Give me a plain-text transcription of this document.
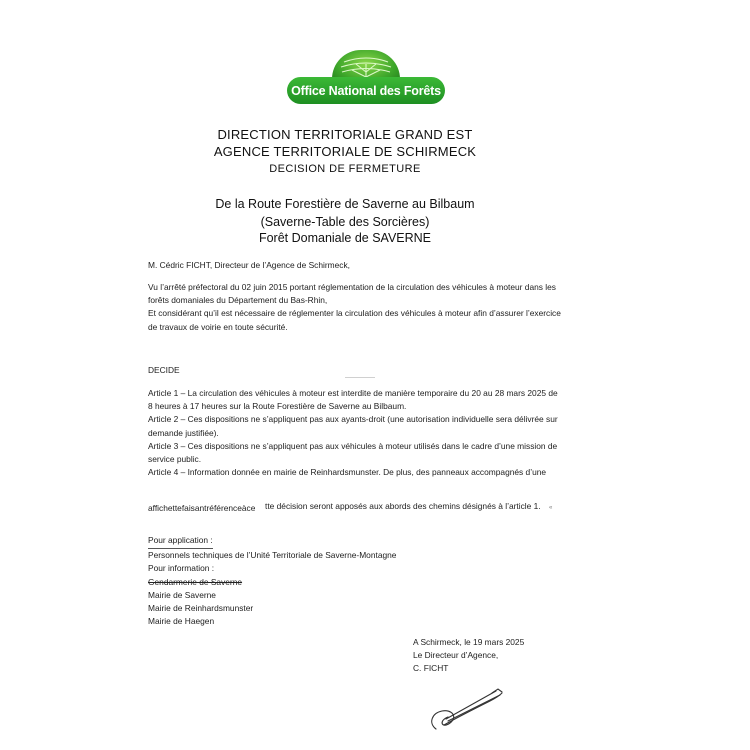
Office National des Forêts
DIRECTION TERRITORIALE GRAND EST
AGENCE TERRITORIALE DE SCHIRMECK
DECISION DE FERMETURE
De la Route Forestière de Saverne au Bilbaum
(Saverne-Table des Sorcières)
Forêt Domaniale de SAVERNE
M. Cédric FICHT, Directeur de l’Agence de Schirmeck,
Vu l’arrêté préfectoral du 02 juin 2015 portant réglementation de la circulation des véhicules à moteur dans les
forêts domaniales du Département du Bas-Rhin,
Et considérant qu’il est nécessaire de réglementer la circulation des véhicules à moteur afin d’assurer l’exercice
de travaux de voirie en toute sécurité.
DECIDE
Article 1 – La circulation des véhicules à moteur est interdite de manière temporaire du 20 au 28 mars 2025 de
8 heures à 17 heures sur la Route Forestière de Saverne au Bilbaum.
Article 2 – Ces dispositions ne s’appliquent pas aux ayants-droit (une autorisation individuelle sera délivrée sur
demande justifiée).
Article 3 – Ces dispositions ne s’appliquent pas aux véhicules à moteur utilisés dans le cadre d’une mission de
service public.
Article 4 – Information donnée en mairie de Reinhardsmunster. De plus, des panneaux accompagnés d’une
affichettefaisantréférenceàce	tte décision seront apposés aux abords des chemins désignés à l’article 1. «
Pour application :
Personnels techniques de l’Unité Territoriale de Saverne-Montagne
Pour information :
Gendarmerie de Saverne
Mairie de Saverne
Mairie de Reinhardsmunster
Mairie de Haegen
A Schirmeck, le 19 mars 2025
Le Directeur d’Agence,
C. FICHT
